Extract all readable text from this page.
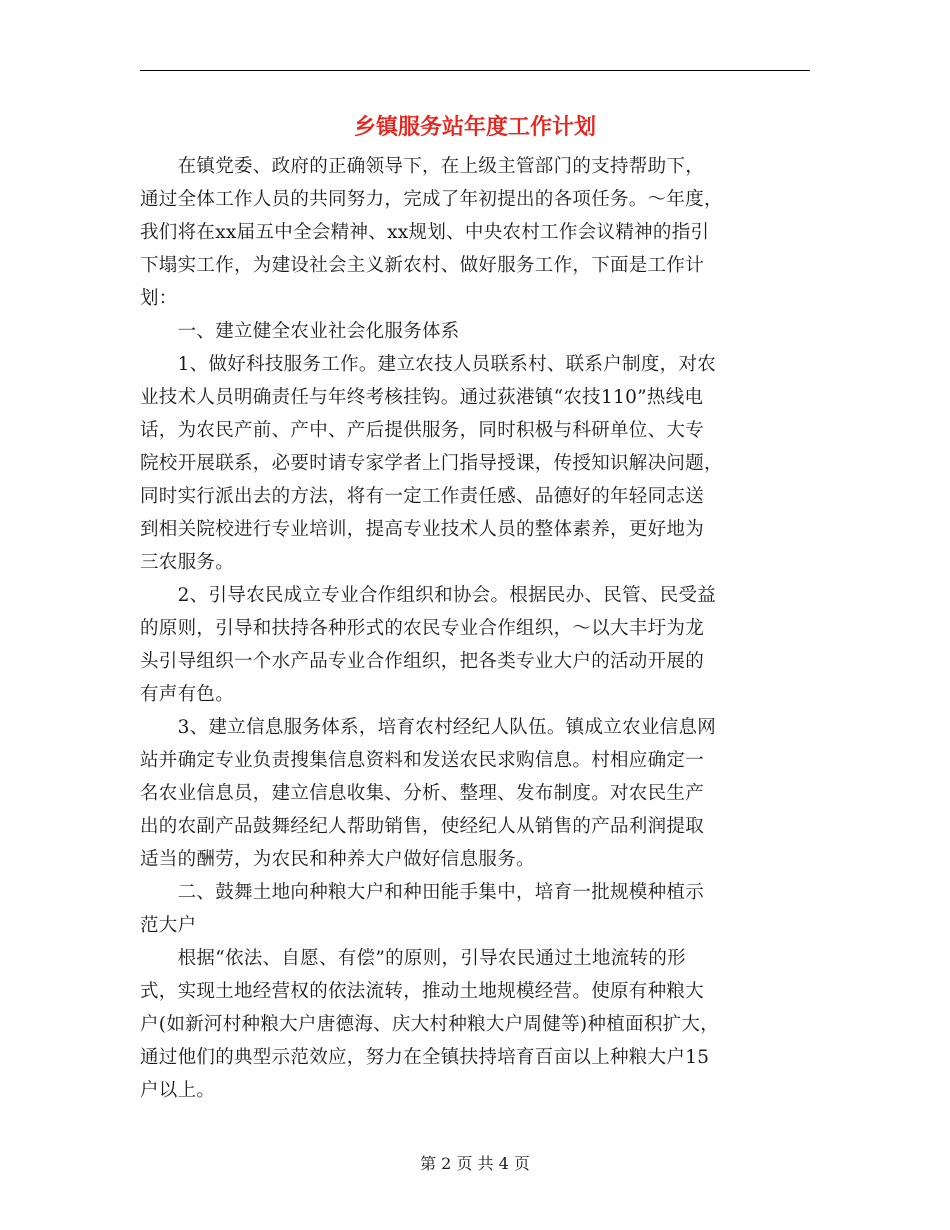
乡镇服务站年度工作计划
　　在镇党委、政府的正确领导下，在上级主管部门的支持帮助下，
通过全体工作人员的共同努力，完成了年初提出的各项任务。～年度，
我们将在xx届五中全会精神、xx规划、中央农村工作会议精神的指引
下塌实工作，为建设社会主义新农村、做好服务工作，下面是工作计
划：
　　一、建立健全农业社会化服务体系
　　1、做好科技服务工作。建立农技人员联系村、联系户制度，对农
业技术人员明确责任与年终考核挂钩。通过荻港镇“农技110”热线电
话，为农民产前、产中、产后提供服务，同时积极与科研单位、大专
院校开展联系，必要时请专家学者上门指导授课，传授知识解决问题，
同时实行派出去的方法，将有一定工作责任感、品德好的年轻同志送
到相关院校进行专业培训，提高专业技术人员的整体素养，更好地为
三农服务。
　　2、引导农民成立专业合作组织和协会。根据民办、民管、民受益
的原则，引导和扶持各种形式的农民专业合作组织，～以大丰圩为龙
头引导组织一个水产品专业合作组织，把各类专业大户的活动开展的
有声有色。
　　3、建立信息服务体系，培育农村经纪人队伍。镇成立农业信息网
站并确定专业负责搜集信息资料和发送农民求购信息。村相应确定一
名农业信息员，建立信息收集、分析、整理、发布制度。对农民生产
出的农副产品鼓舞经纪人帮助销售，使经纪人从销售的产品利润提取
适当的酬劳，为农民和种养大户做好信息服务。
　　二、鼓舞土地向种粮大户和种田能手集中，培育一批规模种植示
范大户
　　根据“依法、自愿、有偿”的原则，引导农民通过土地流转的形
式，实现土地经营权的依法流转，推动土地规模经营。使原有种粮大
户(如新河村种粮大户唐德海、庆大村种粮大户周健等)种植面积扩大，
通过他们的典型示范效应，努力在全镇扶持培育百亩以上种粮大户15
户以上。
第 2 页 共 4 页
